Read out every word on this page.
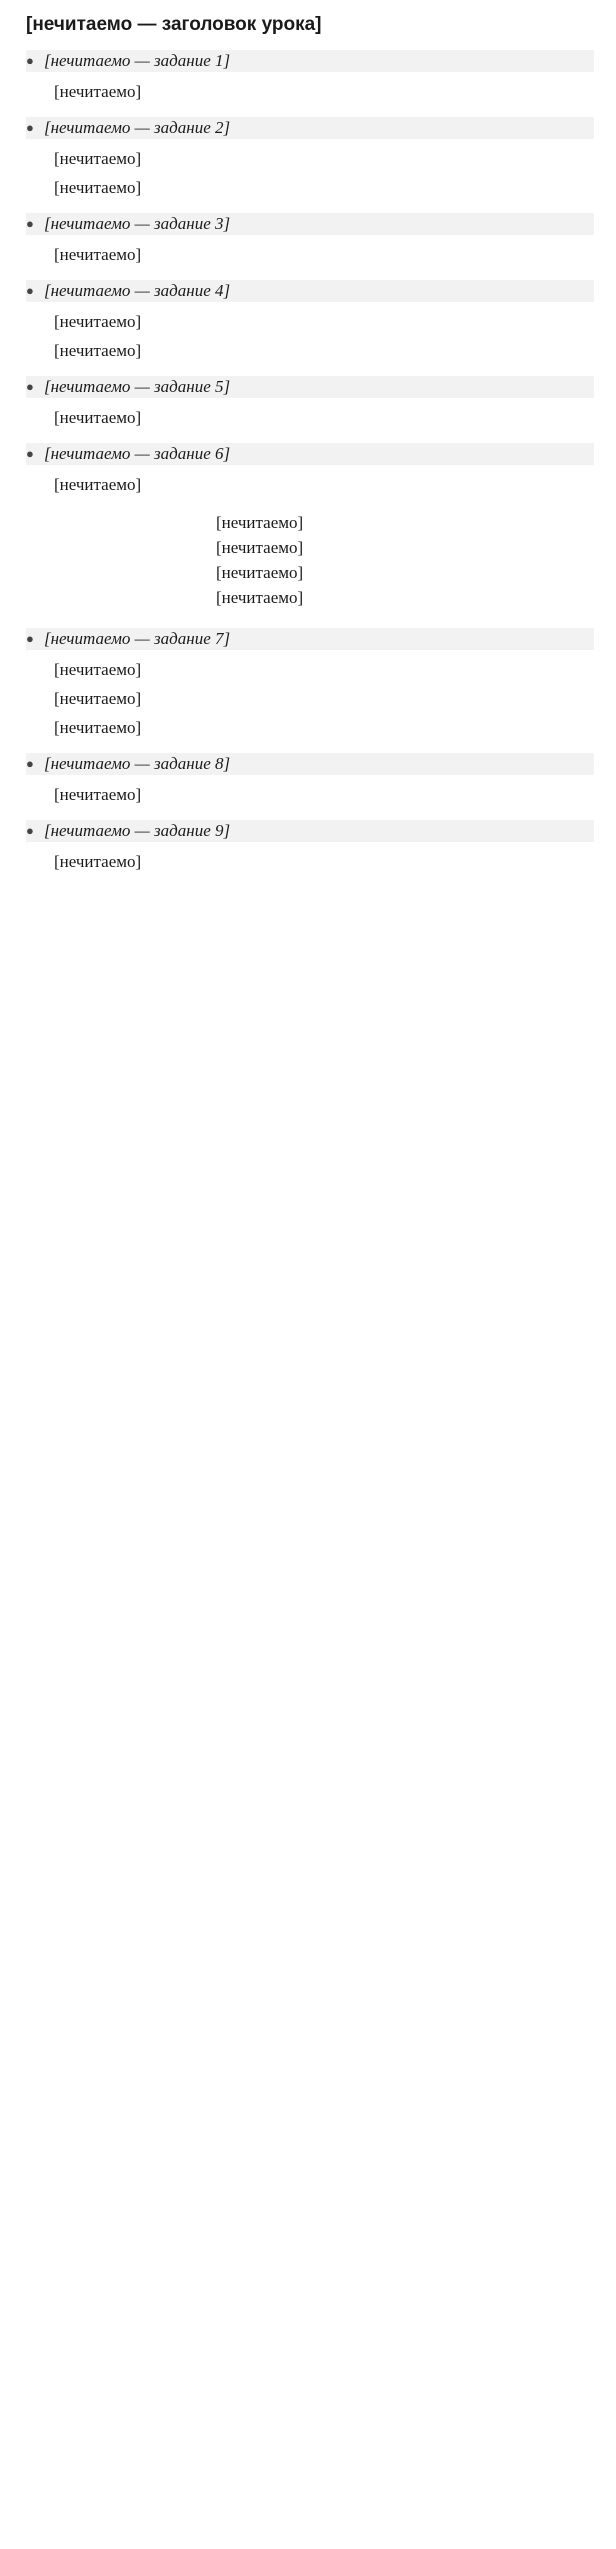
[нечитаемо — заголовок урока]
● [нечитаемо — задание 1]

[нечитаемо]

● [нечитаемо — задание 2]

[нечитаемо]

[нечитаемо]

● [нечитаемо — задание 3]

[нечитаемо]

● [нечитаемо — задание 4]

[нечитаемо]

[нечитаемо]

● [нечитаемо — задание 5]

[нечитаемо]

● [нечитаемо — задание 6]

[нечитаемо]

[нечитаемо]
[нечитаемо]
[нечитаемо]
[нечитаемо]
● [нечитаемо — задание 7]

[нечитаемо]

[нечитаемо]

[нечитаемо]

● [нечитаемо — задание 8]

[нечитаемо]

● [нечитаемо — задание 9]

[нечитаемо]
